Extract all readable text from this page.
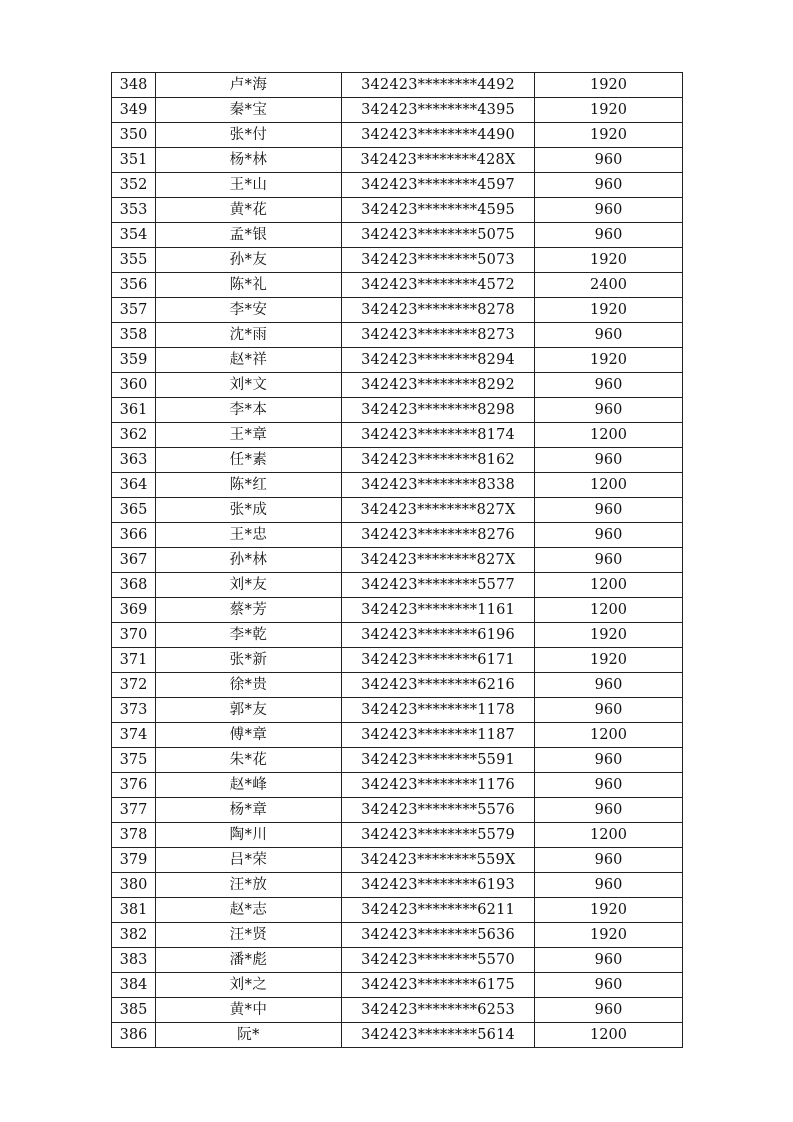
348	卢*海	342423********4492	1920
349	秦*宝	342423********4395	1920
350	张*付	342423********4490	1920
351	杨*林	342423********428X	960
352	王*山	342423********4597	960
353	黄*花	342423********4595	960
354	孟*银	342423********5075	960
355	孙*友	342423********5073	1920
356	陈*礼	342423********4572	2400
357	李*安	342423********8278	1920
358	沈*雨	342423********8273	960
359	赵*祥	342423********8294	1920
360	刘*文	342423********8292	960
361	李*本	342423********8298	960
362	王*章	342423********8174	1200
363	任*素	342423********8162	960
364	陈*红	342423********8338	1200
365	张*成	342423********827X	960
366	王*忠	342423********8276	960
367	孙*林	342423********827X	960
368	刘*友	342423********5577	1200
369	蔡*芳	342423********1161	1200
370	李*乾	342423********6196	1920
371	张*新	342423********6171	1920
372	徐*贵	342423********6216	960
373	郭*友	342423********1178	960
374	傅*章	342423********1187	1200
375	朱*花	342423********5591	960
376	赵*峰	342423********1176	960
377	杨*章	342423********5576	960
378	陶*川	342423********5579	1200
379	吕*荣	342423********559X	960
380	汪*放	342423********6193	960
381	赵*志	342423********6211	1920
382	汪*贤	342423********5636	1920
383	潘*彪	342423********5570	960
384	刘*之	342423********6175	960
385	黄*中	342423********6253	960
386	阮*	342423********5614	1200
